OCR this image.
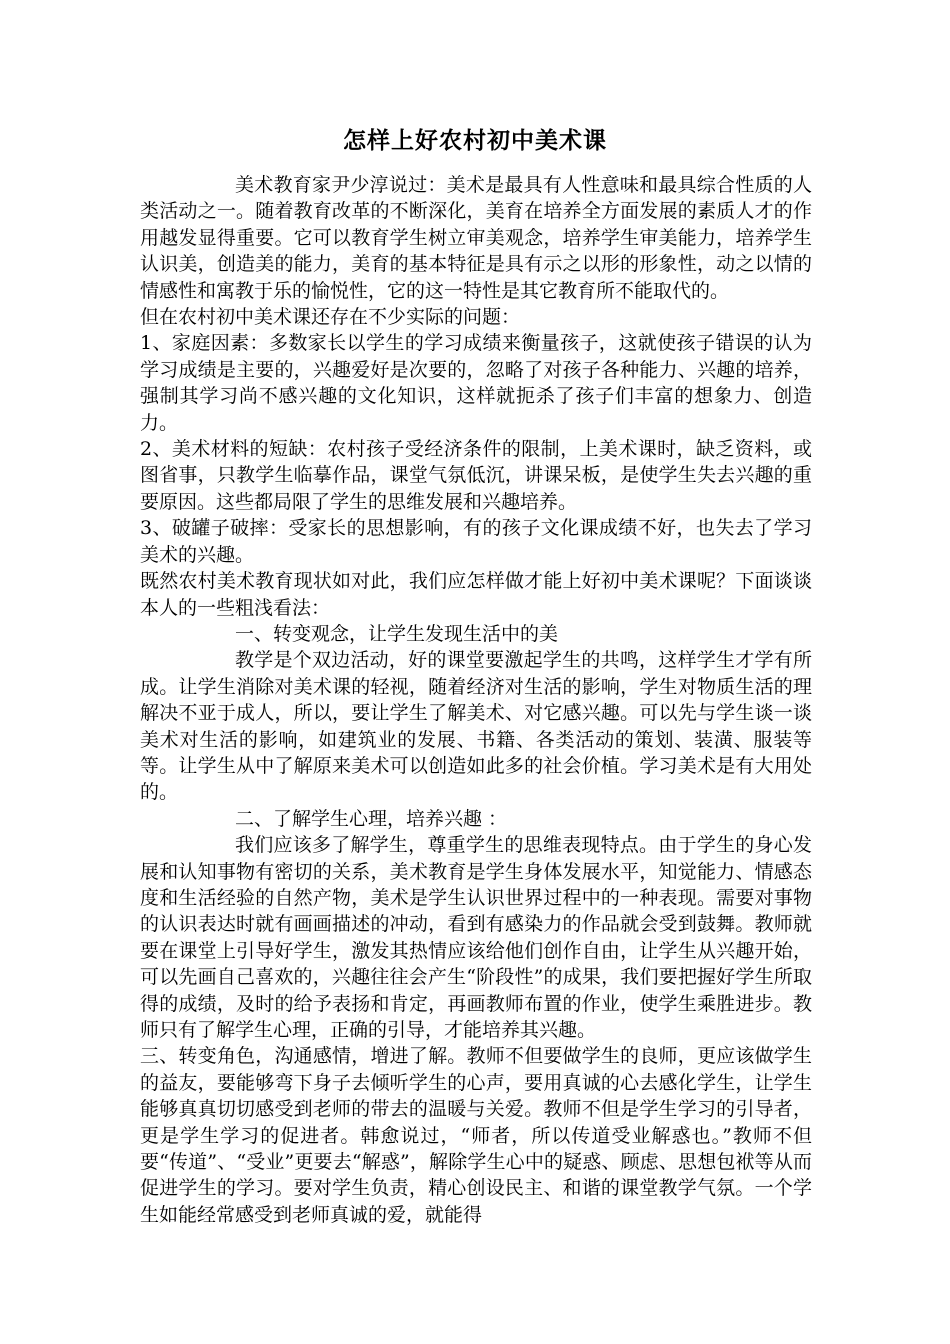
怎样上好农村初中美术课

美术教育家尹少淳说过：美术是最具有人性意味和最具综合性质的人类活动之一。随着教育改革的不断深化，美育在培养全方面发展的素质人才的作用越发显得重要。它可以教育学生树立审美观念，培养学生审美能力，培养学生认识美，创造美的能力，美育的基本特征是具有示之以形的形象性，动之以情的情感性和寓教于乐的愉悦性，它的这一特性是其它教育所不能取代的。

但在农村初中美术课还存在不少实际的问题：

1、家庭因素：多数家长以学生的学习成绩来衡量孩子，这就使孩子错误的认为学习成绩是主要的，兴趣爱好是次要的，忽略了对孩子各种能力、兴趣的培养，强制其学习尚不感兴趣的文化知识，这样就扼杀了孩子们丰富的想象力、创造力。

2、美术材料的短缺：农村孩子受经济条件的限制，上美术课时，缺乏资料，或图省事，只教学生临摹作品，课堂气氛低沉，讲课呆板，是使学生失去兴趣的重要原因。这些都局限了学生的思维发展和兴趣培养。

3、破罐子破摔：受家长的思想影响，有的孩子文化课成绩不好，也失去了学习美术的兴趣。

既然农村美术教育现状如对此，我们应怎样做才能上好初中美术课呢？下面谈谈本人的一些粗浅看法：

一、转变观念，让学生发现生活中的美

教学是个双边活动，好的课堂要激起学生的共鸣，这样学生才学有所成。让学生消除对美术课的轻视，随着经济对生活的影响，学生对物质生活的理解决不亚于成人，所以，要让学生了解美术、对它感兴趣。可以先与学生谈一谈美术对生活的影响，如建筑业的发展、书籍、各类活动的策划、装潢、服装等等。让学生从中了解原来美术可以创造如此多的社会价植。学习美术是有大用处的。

二、了解学生心理，培养兴趣 ：

我们应该多了解学生，尊重学生的思维表现特点。由于学生的身心发展和认知事物有密切的关系，美术教育是学生身体发展水平，知觉能力、情感态度和生活经验的自然产物，美术是学生认识世界过程中的一种表现。需要对事物的认识表达时就有画画描述的冲动，看到有感染力的作品就会受到鼓舞。教师就要在课堂上引导好学生，激发其热情应该给他们创作自由，让学生从兴趣开始，可以先画自己喜欢的，兴趣往往会产生“阶段性”的成果，我们要把握好学生所取得的成绩，及时的给予表扬和肯定，再画教师布置的作业，使学生乘胜进步。教师只有了解学生心理，正确的引导，才能培养其兴趣。

三、转变角色，沟通感情，增进了解。教师不但要做学生的良师，更应该做学生的益友，要能够弯下身子去倾听学生的心声，要用真诚的心去感化学生，让学生能够真真切切感受到老师的带去的温暖与关爱。教师不但是学生学习的引导者，更是学生学习的促进者。韩愈说过，“师者，所以传道受业解惑也。”教师不但要“传道”、“受业”更要去“解惑”，解除学生心中的疑惑、顾虑、思想包袱等从而促进学生的学习。要对学生负责，精心创设民主、和谐的课堂教学气氛。一个学生如能经常感受到老师真诚的爱，就能得
